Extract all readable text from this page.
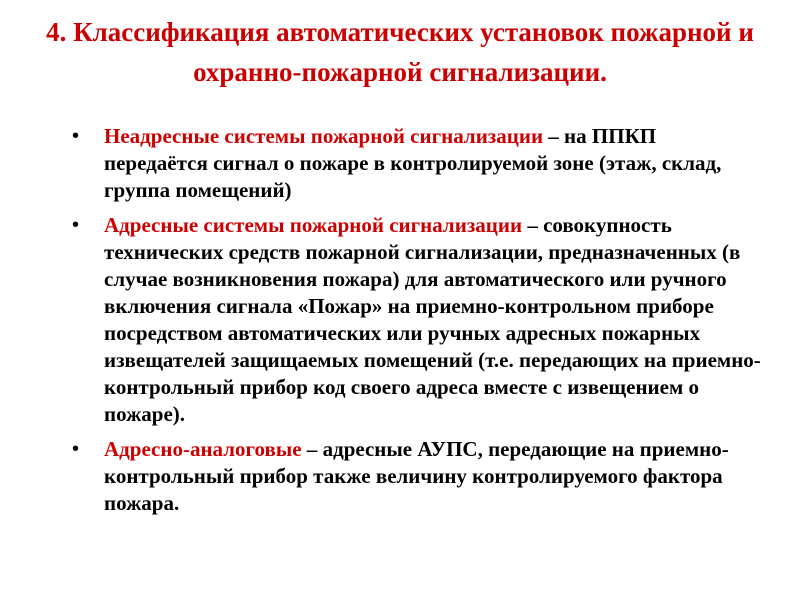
4. Классификация автоматических установок пожарной и охранно-пожарной сигнализации.
• Неадресные системы пожарной сигнализации – на ППКП передаётся сигнал о пожаре в контролируемой зоне (этаж, склад, группа помещений)
• Адресные системы пожарной сигнализации – совокупность технических средств пожарной сигнализации, предназначенных (в случае возникновения пожара) для автоматического или ручного включения сигнала «Пожар» на приемно-контрольном приборе посредством автоматических или ручных адресных пожарных извещателей защищаемых помещений (т.е. передающих на приемно-контрольный прибор код своего адреса вместе с извещением о пожаре).
• Адресно-аналоговые – адресные АУПС, передающие на приемно-контрольный прибор также величину контролируемого фактора пожара.
